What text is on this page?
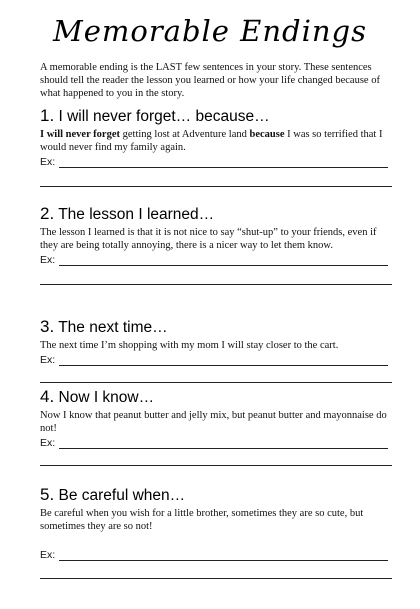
Memorable Endings
A memorable ending is the LAST few sentences in your story. These sentences should tell the reader the lesson you learned or how your life changed because of what happened to you in the story.
1. I will never forget… because…
I will never forget getting lost at Adventure land because I was so terrified that I would never find my family again.
Ex:
2. The lesson I learned…
The lesson I learned is that it is not nice to say “shut-up” to your friends, even if they are being totally annoying, there is a nicer way to let them know.
Ex:
3. The next time…
The next time I’m shopping with my mom I will stay closer to the cart.
Ex:
4. Now I know…
Now I know that peanut butter and jelly mix, but peanut butter and mayonnaise do not!
Ex:
5. Be careful when…
Be careful when you wish for a little brother, sometimes they are so cute, but sometimes they are so not!
Ex:
